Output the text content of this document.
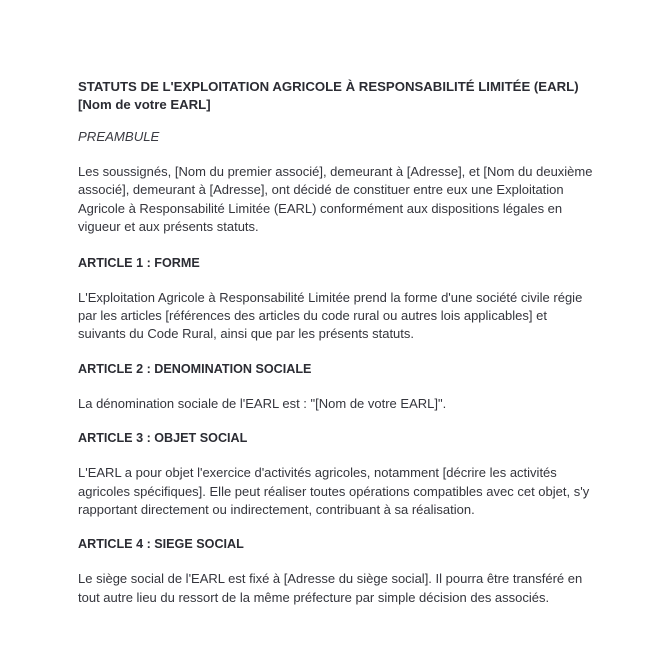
STATUTS DE L'EXPLOITATION AGRICOLE À RESPONSABILITÉ LIMITÉE (EARL) [Nom de votre EARL]
PREAMBULE
Les soussignés, [Nom du premier associé], demeurant à [Adresse], et [Nom du deuxième associé], demeurant à [Adresse], ont décidé de constituer entre eux une Exploitation Agricole à Responsabilité Limitée (EARL) conformément aux dispositions légales en vigueur et aux présents statuts.
ARTICLE 1 : FORME
L'Exploitation Agricole à Responsabilité Limitée prend la forme d'une société civile régie par les articles [références des articles du code rural ou autres lois applicables] et suivants du Code Rural, ainsi que par les présents statuts.
ARTICLE 2 : DENOMINATION SOCIALE
La dénomination sociale de l'EARL est : "[Nom de votre EARL]".
ARTICLE 3 : OBJET SOCIAL
L'EARL a pour objet l'exercice d'activités agricoles, notamment [décrire les activités agricoles spécifiques]. Elle peut réaliser toutes opérations compatibles avec cet objet, s'y rapportant directement ou indirectement, contribuant à sa réalisation.
ARTICLE 4 : SIEGE SOCIAL
Le siège social de l'EARL est fixé à [Adresse du siège social]. Il pourra être transféré en tout autre lieu du ressort de la même préfecture par simple décision des associés.
